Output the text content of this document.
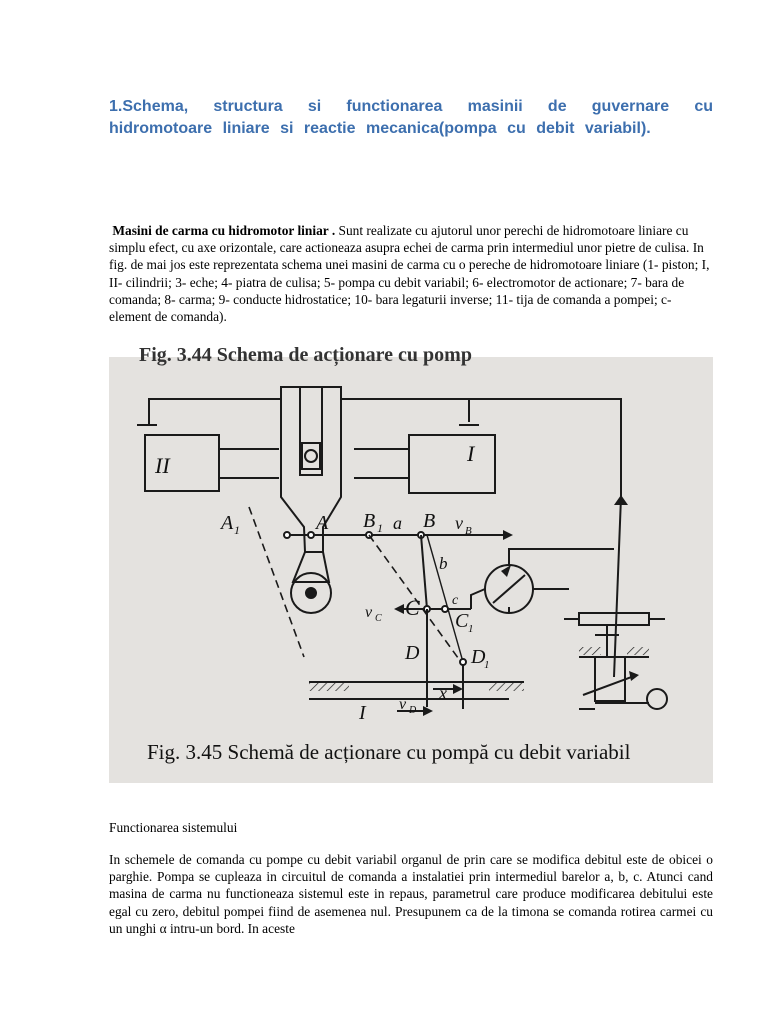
1.Schema, structura si functionarea masinii de guvernare cu
hidromotoare liniare si reactie mecanica(pompa cu debit variabil).

Masini de carma cu hidromotor liniar . Sunt realizate cu ajutorul unor perechi de hidromotoare liniare cu simplu efect, cu axe orizontale, care actioneaza asupra echei de carma prin intermediul unor pietre de culisa. In fig. de mai jos este reprezentata schema unei masini de carma cu o pereche de hidromotoare liniare (1- piston; I, II- cilindrii; 3- eche; 4- piatra de culisa; 5- pompa cu debit variabil; 6- electromotor de actionare; 7- bara de comanda; 8- carma; 9- conducte hidrostatice; 10- bara legaturii inverse; 11- tija de comanda a pompei; c- element de comanda).

Fig. 3.44 Schema de acționare cu pomp
II	I
A 1	A B 1 a B v B
b
v C C c
C 1
D	D
1
x
I v D
Fig. 3.45 Schemă de acționare cu pompă cu debit variabil

Functionarea sistemului

In schemele de comanda cu pompe cu debit variabil organul de prin care se modifica debitul este de obicei o parghie. Pompa se cupleaza in circuitul de comanda a instalatiei prin intermediul barelor a, b, c. Atunci cand masina de carma nu functioneaza sistemul este in repaus, parametrul care produce modificarea debitului este egal cu zero, debitul pompei fiind de asemenea nul. Presupunem ca de la timona se comanda rotirea carmei cu un unghi α intru-un bord. In aceste
